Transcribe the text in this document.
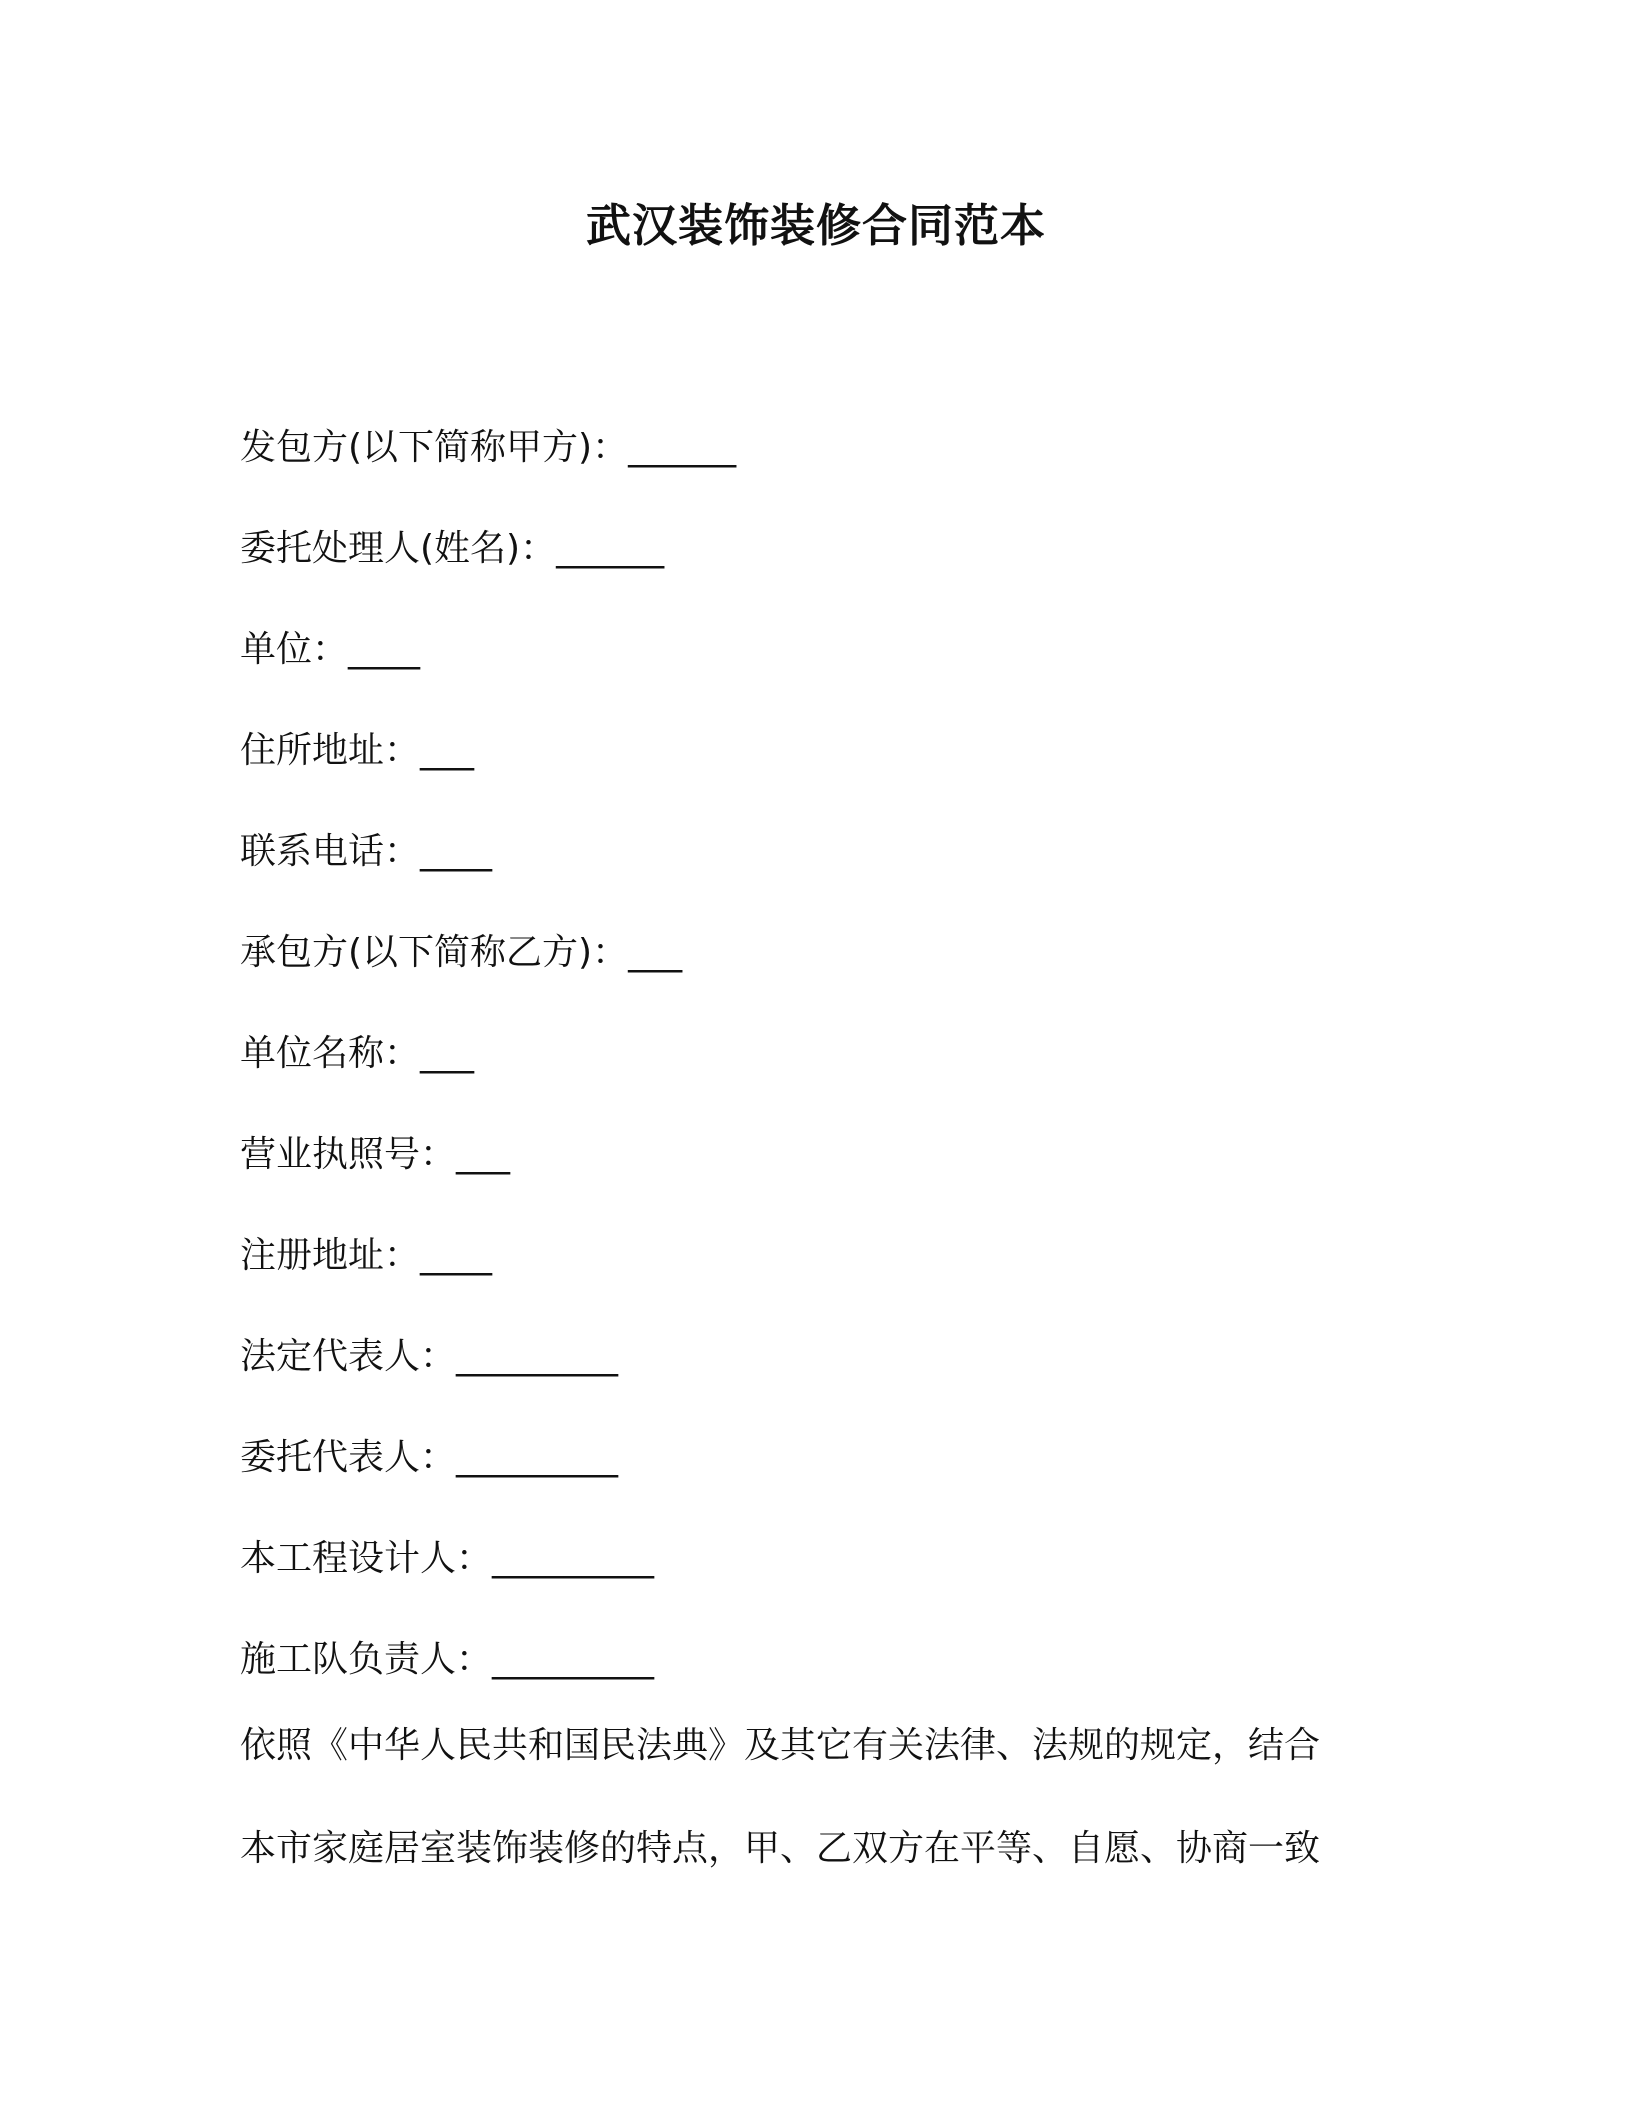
武汉装饰装修合同范本
发包方(以下简称甲方)：______
委托处理人(姓名)：______
单位：____
住所地址：___
联系电话：____
承包方(以下简称乙方)：___
单位名称：___
营业执照号：___
注册地址：____
法定代表人：_________
委托代表人：_________
本工程设计人：_________
施工队负责人：_________
依照《中华人民共和国民法典》及其它有关法律、法规的规定，结合
本市家庭居室装饰装修的特点，甲、乙双方在平等、自愿、协商一致
